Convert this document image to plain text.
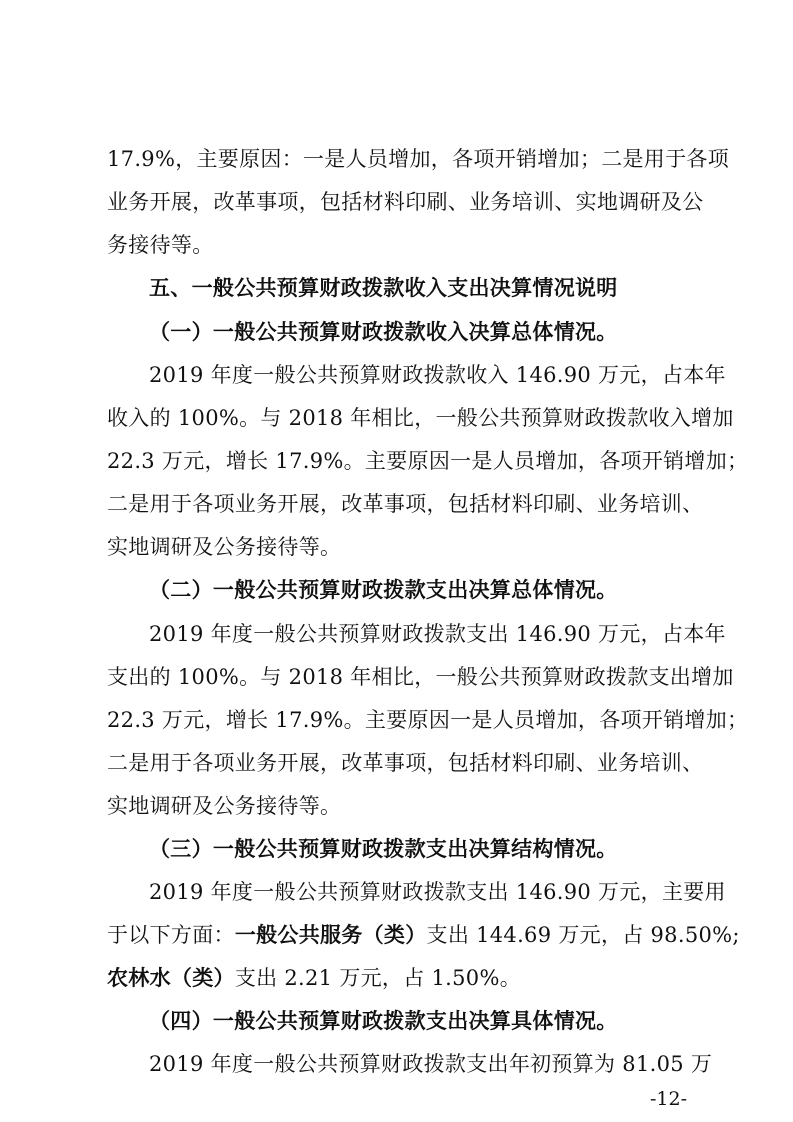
17.9%，主要原因：一是人员增加，各项开销增加；二是用于各项
业务开展，改革事项，包括材料印刷、业务培训、实地调研及公
务接待等。
五、一般公共预算财政拨款收入支出决算情况说明
（一）一般公共预算财政拨款收入决算总体情况。
2019 年度一般公共预算财政拨款收入 146.90 万元，占本年
收入的 100%。与 2018 年相比，一般公共预算财政拨款收入增加
22.3 万元，增长 17.9%。主要原因一是人员增加，各项开销增加；
二是用于各项业务开展，改革事项，包括材料印刷、业务培训、
实地调研及公务接待等。
（二）一般公共预算财政拨款支出决算总体情况。
2019 年度一般公共预算财政拨款支出 146.90 万元，占本年
支出的 100%。与 2018 年相比，一般公共预算财政拨款支出增加
22.3 万元，增长 17.9%。主要原因一是人员增加，各项开销增加；
二是用于各项业务开展，改革事项，包括材料印刷、业务培训、
实地调研及公务接待等。
（三）一般公共预算财政拨款支出决算结构情况。
2019 年度一般公共预算财政拨款支出 146.90 万元，主要用
于以下方面：一般公共服务（类）支出 144.69 万元，占 98.50%;
农林水（类）支出 2.21 万元，占 1.50%。
（四）一般公共预算财政拨款支出决算具体情况。
2019 年度一般公共预算财政拨款支出年初预算为 81.05 万
-12-
